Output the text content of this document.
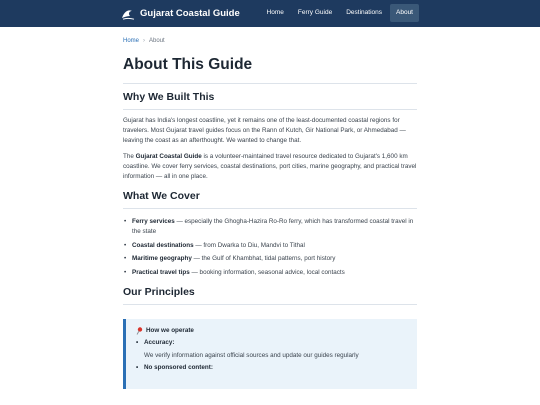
Gujarat Coastal Guide	Home	Ferry Guide	Destinations	About
Home › About
About This Guide
Why We Built This

Gujarat has India's longest coastline, yet it remains one of the least-documented coastal regions for travelers. Most Gujarat travel guides focus on the Rann of Kutch, Gir National Park, or Ahmedabad — leaving the coast as an afterthought. We wanted to change that.

The Gujarat Coastal Guide is a volunteer-maintained travel resource dedicated to Gujarat's 1,600 km coastline. We cover ferry services, coastal destinations, port cities, marine geography, and practical travel information — all in one place.

What We Cover
• Ferry services — especially the Ghogha-Hazira Ro-Ro ferry, which has transformed coastal travel in the state
• Coastal destinations — from Dwarka to Diu, Mandvi to Tithal
• Maritime geography — the Gulf of Khambhat, tidal patterns, port history
• Practical travel tips — booking information, seasonal advice, local contacts
Our Principles
How we operate
• Accuracy:
We verify information against official sources and update our guides regularly
• No sponsored content:
